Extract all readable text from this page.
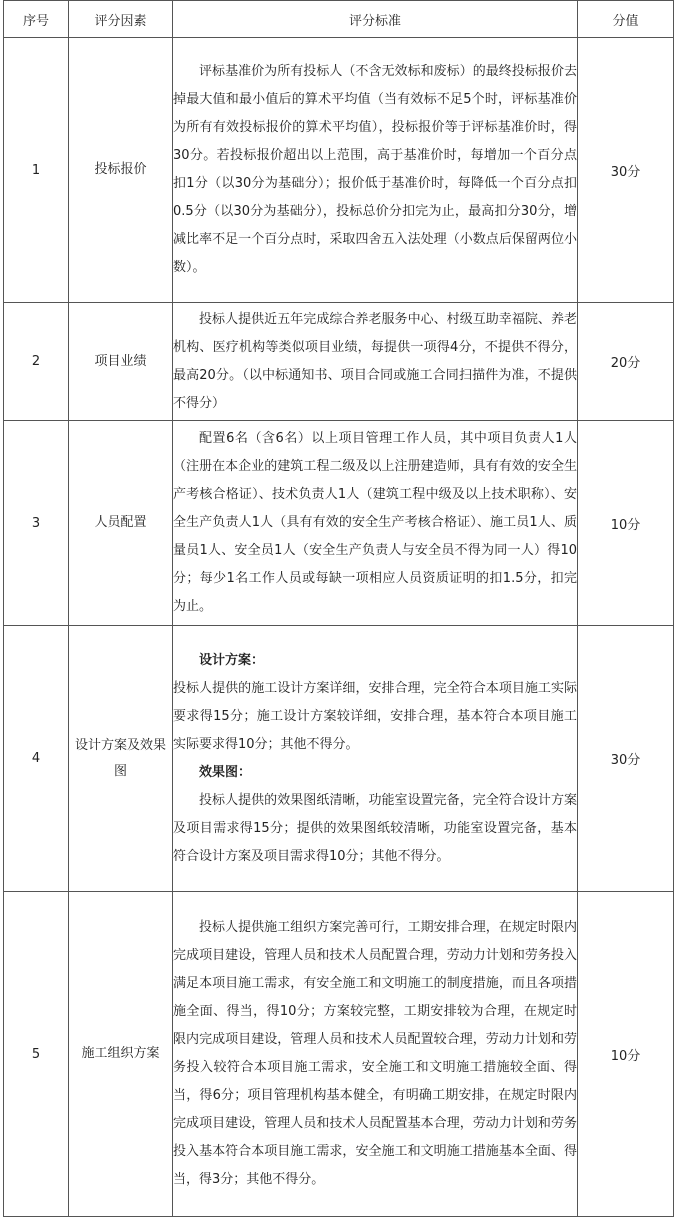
序号	评分因素	评分标准	分值
1	投标报价	评标基准价为所有投标人（不含无效标和废标）的最终投标报价去掉最大值和最小值后的算术平均值（当有效标不足5个时，评标基准价为所有有效投标报价的算术平均值），投标报价等于评标基准价时，得30分。若投标报价超出以上范围，高于基准价时，每增加一个百分点扣1分（以30分为基础分）；报价低于基准价时，每降低一个百分点扣0.5分（以30分为基础分），投标总价分扣完为止，最高扣分30分，增减比率不足一个百分点时，采取四舍五入法处理（小数点后保留两位小数）。	30分
2	项目业绩	投标人提供近五年完成综合养老服务中心、村级互助幸福院、养老机构、医疗机构等类似项目业绩，每提供一项得4分，不提供不得分，最高20分。（以中标通知书、项目合同或施工合同扫描件为准，不提供不得分）	20分
3	人员配置	配置6名（含6名）以上项目管理工作人员，其中项目负责人1人（注册在本企业的建筑工程二级及以上注册建造师，具有有效的安全生产考核合格证）、技术负责人1人（建筑工程中级及以上技术职称）、安全生产负责人1人（具有有效的安全生产考核合格证）、施工员1人、质量员1人、安全员1人（安全生产负责人与安全员不得为同一人）得10分；每少1名工作人员或每缺一项相应人员资质证明的扣1.5分，扣完为止。	10分
4	设计方案及效果图	设计方案：

投标人提供的施工设计方案详细，安排合理，完全符合本项目施工实际要求得15分；施工设计方案较详细，安排合理，基本符合本项目施工实际要求得10分；其他不得分。

效果图：

投标人提供的效果图纸清晰，功能室设置完备，完全符合设计方案及项目需求得15分；提供的效果图纸较清晰，功能室设置完备，基本符合设计方案及项目需求得10分；其他不得分。	30分
5	施工组织方案	投标人提供施工组织方案完善可行，工期安排合理，在规定时限内完成项目建设，管理人员和技术人员配置合理，劳动力计划和劳务投入满足本项目施工需求，有安全施工和文明施工的制度措施，而且各项措施全面、得当，得10分；方案较完整，工期安排较为合理，在规定时限内完成项目建设，管理人员和技术人员配置较合理，劳动力计划和劳务投入较符合本项目施工需求，安全施工和文明施工措施较全面、得当，得6分；项目管理机构基本健全，有明确工期安排，在规定时限内完成项目建设，管理人员和技术人员配置基本合理，劳动力计划和劳务投入基本符合本项目施工需求，安全施工和文明施工措施基本全面、得当，得3分；其他不得分。	10分
